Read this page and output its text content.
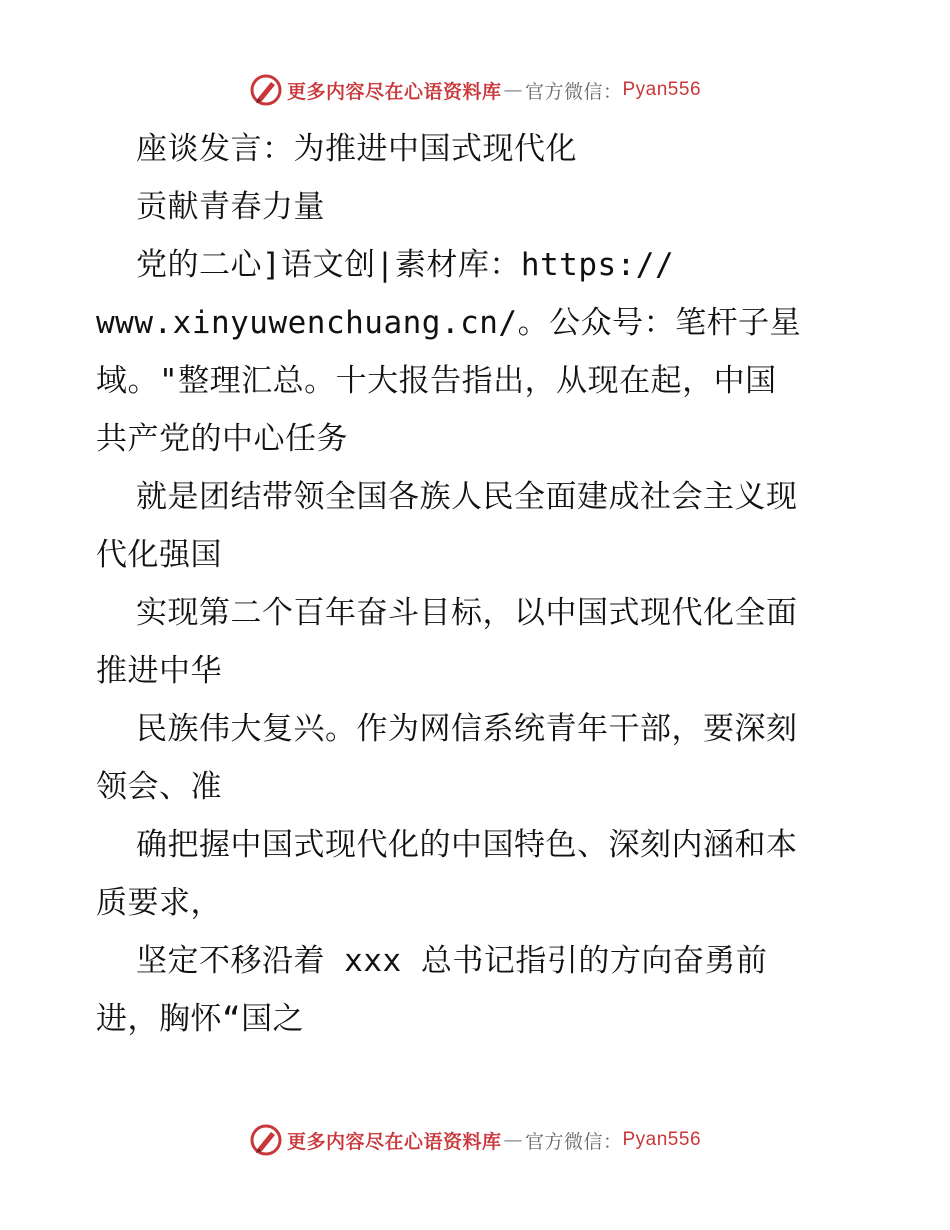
更多内容尽在心语资料库 — 官方微信： Pyan556
座谈发言：为推进中国式现代化
贡献青春力量
党的二心]语文创|素材库：https://
www.xinyuwenchuang.cn/。公众号：笔杆子星
域。"整理汇总。十大报告指出，从现在起，中国
共产党的中心任务
就是团结带领全国各族人民全面建成社会主义现
代化强国
实现第二个百年奋斗目标，以中国式现代化全面
推进中华
民族伟大复兴。作为网信系统青年干部，要深刻
领会、准
确把握中国式现代化的中国特色、深刻内涵和本
质要求，
坚定不移沿着 xxx 总书记指引的方向奋勇前
进，胸怀“国之
更多内容尽在心语资料库 — 官方微信： Pyan556
